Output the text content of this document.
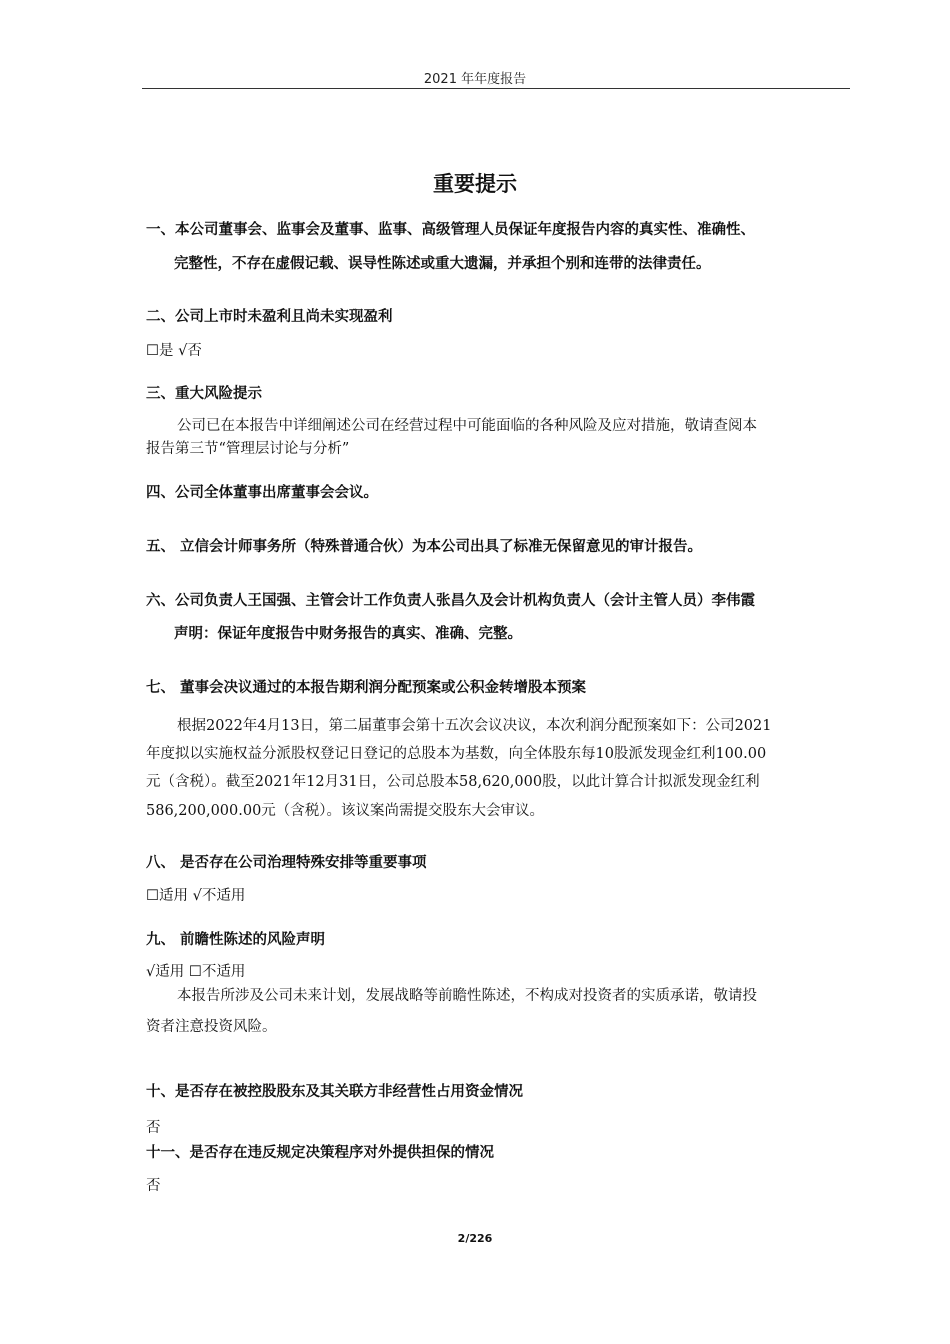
2021 年年度报告
重要提示
一、本公司董事会、监事会及董事、监事、高级管理人员保证年度报告内容的真实性、准确性、
完整性，不存在虚假记载、误导性陈述或重大遗漏，并承担个别和连带的法律责任。
二、公司上市时未盈利且尚未实现盈利
☐是 √否
三、重大风险提示
公司已在本报告中详细阐述公司在经营过程中可能面临的各种风险及应对措施，敬请查阅本
报告第三节“管理层讨论与分析”
四、公司全体董事出席董事会会议。
五、 立信会计师事务所（特殊普通合伙）为本公司出具了标准无保留意见的审计报告。
六、公司负责人王国强、主管会计工作负责人张昌久及会计机构负责人（会计主管人员）李伟霞
声明：保证年度报告中财务报告的真实、准确、完整。
七、 董事会决议通过的本报告期利润分配预案或公积金转增股本预案
根据2022年4月13日，第二届董事会第十五次会议决议，本次利润分配预案如下：公司2021
年度拟以实施权益分派股权登记日登记的总股本为基数，向全体股东每10股派发现金红利100.00
元（含税）。截至2021年12月31日，公司总股本58,620,000股，以此计算合计拟派发现金红利
586,200,000.00元（含税）。该议案尚需提交股东大会审议。
八、 是否存在公司治理特殊安排等重要事项
☐适用 √不适用
九、 前瞻性陈述的风险声明
√适用 ☐不适用
本报告所涉及公司未来计划，发展战略等前瞻性陈述，不构成对投资者的实质承诺，敬请投
资者注意投资风险。
十、是否存在被控股股东及其关联方非经营性占用资金情况
否
十一、是否存在违反规定决策程序对外提供担保的情况
否
2/226
